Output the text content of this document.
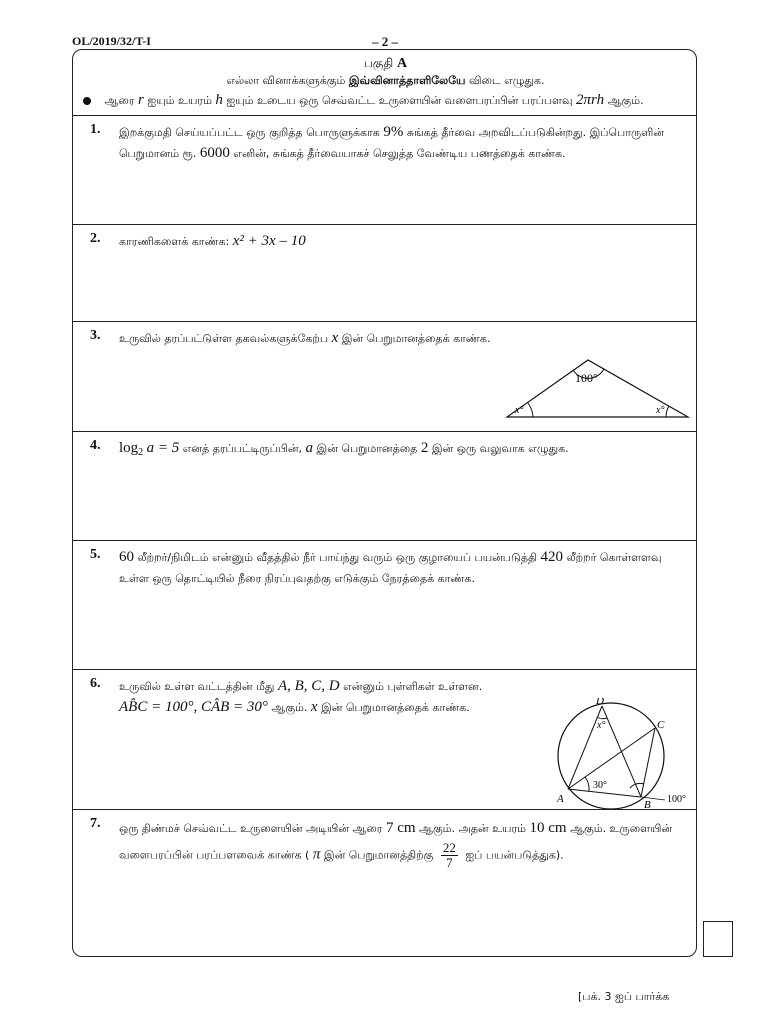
OL/2019/32/T-I	– 2 –
பகுதி A
எல்லா வினாக்களுக்கும் இவ்வினாத்தாளிலேயே விடை எழுதுக.
ஆரை r ஐயும் உயரம் h ஐயும் உடைய ஒரு செவ்வட்ட உருளையின் வளைபரப்பின் பரப்பளவு 2πrh ஆகும்.
1. இறக்குமதி செய்யப்பட்ட ஒரு குறித்த பொருளுக்காக 9% சுங்கத் தீர்வை அறவிடப்படுகின்றது. இப்பொருளின் பெறுமானம் ரூ. 6000 எனின், சுங்கத் தீர்வையாகச் செலுத்த வேண்டிய பணத்தைக் காண்க.
2. காரணிகளைக் காண்க: x² + 3x – 10
3. உருவில் தரப்பட்டுள்ள தகவல்களுக்கேற்ப x இன் பெறுமானத்தைக் காண்க.
100°
x°	x°
4. $\log_2 a = 5$ எனத் தரப்பட்டிருப்பின், a இன் பெறுமானத்தை 2 இன் ஒரு வலுவாக எழுதுக.
5. 60 லீற்றர்/நிமிடம் என்னும் வீதத்தில் நீர் பாய்ந்து வரும் ஒரு குழாயைப் பயன்படுத்தி 420 லீற்றர் கொள்ளளவு உள்ள ஒரு தொட்டியில் நீரை நிரப்புவதற்கு எடுக்கும் நேரத்தைக் காண்க.
6. உருவில் உள்ள வட்டத்தின் மீது A, B, C, D என்னும் புள்ளிகள் உள்ளன.
AB̂C = 100°, CÂB = 30° ஆகும். x இன் பெறுமானத்தைக் காண்க.	D
C
A	B
x°
30°
100°
7. ஒரு திண்மச் செவ்வட்ட உருளையின் அடியின் ஆரை 7 cm ஆகும். அதன் உயரம் 10 cm ஆகும். உருளையின் வளைபரப்பின் பரப்பளவைக் காண்க ( π இன் பெறுமானத்திற்கு $\frac{22}{7}$ ஐப் பயன்படுத்துக).
[பக். 3 ஐப் பார்க்க
